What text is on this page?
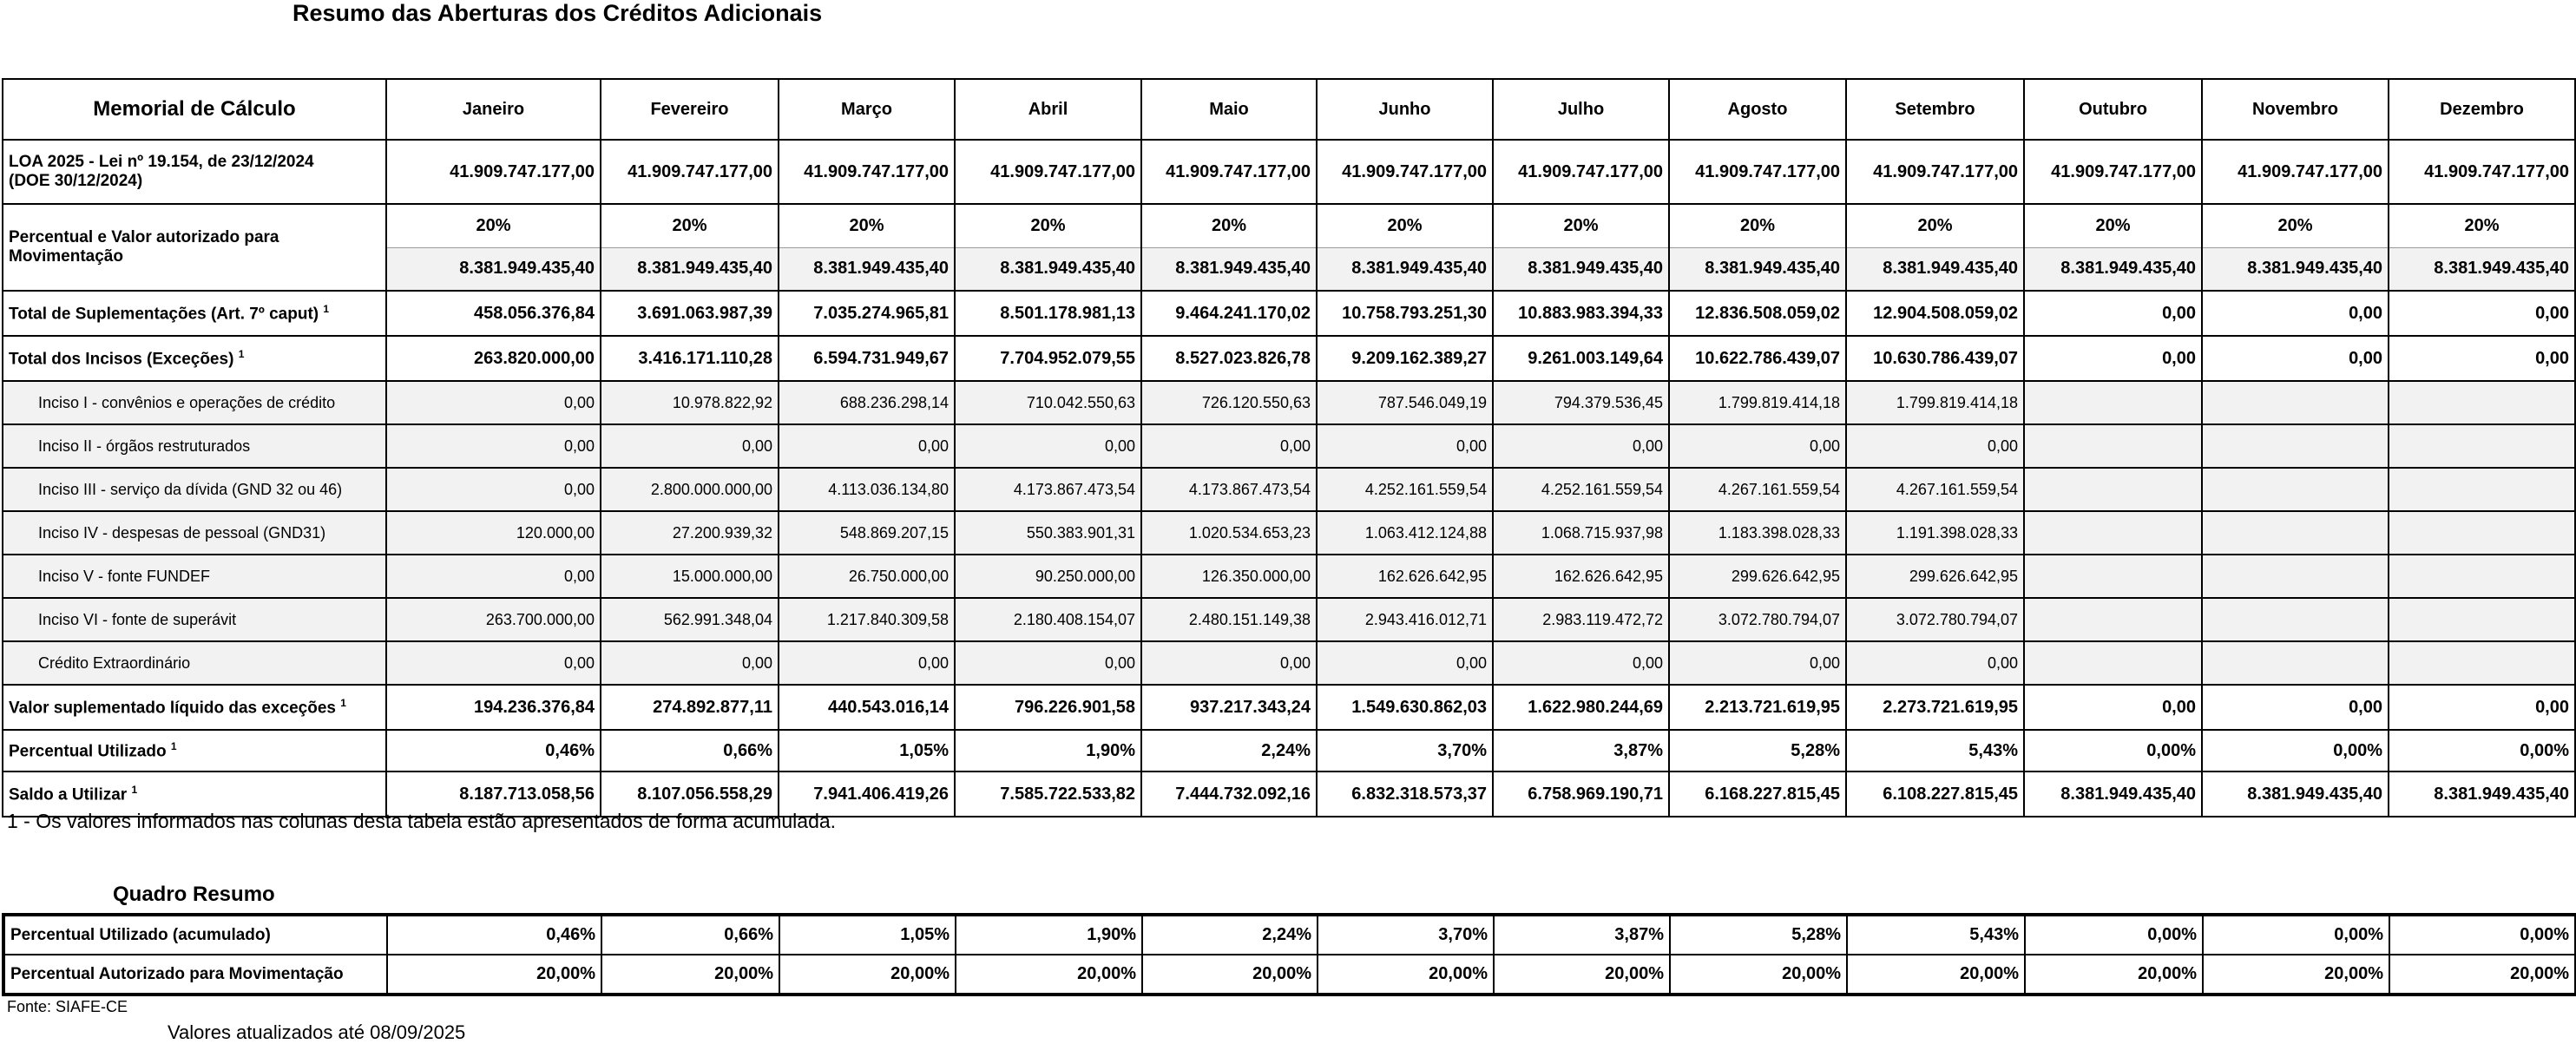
Resumo das Aberturas dos Créditos Adicionais
Memorial de Cálculo	Janeiro	Fevereiro	Março	Abril	Maio	Junho	Julho	Agosto	Setembro	Outubro	Novembro	Dezembro
LOA 2025 - Lei nº 19.154, de 23/12/2024
(DOE 30/12/2024)	41.909.747.177,00	41.909.747.177,00	41.909.747.177,00	41.909.747.177,00	41.909.747.177,00	41.909.747.177,00	41.909.747.177,00	41.909.747.177,00	41.909.747.177,00	41.909.747.177,00	41.909.747.177,00	41.909.747.177,00
Percentual e Valor autorizado para Movimentação	20%	20%	20%	20%	20%	20%	20%	20%	20%	20%	20%	20%
	8.381.949.435,40	8.381.949.435,40	8.381.949.435,40	8.381.949.435,40	8.381.949.435,40	8.381.949.435,40	8.381.949.435,40	8.381.949.435,40	8.381.949.435,40	8.381.949.435,40	8.381.949.435,40	8.381.949.435,40
Total de Suplementações (Art. 7º caput) $^1$	458.056.376,84	3.691.063.987,39	7.035.274.965,81	8.501.178.981,13	9.464.241.170,02	10.758.793.251,30	10.883.983.394,33	12.836.508.059,02	12.904.508.059,02	0,00	0,00	0,00
Total dos Incisos (Exceções) $^1$	263.820.000,00	3.416.171.110,28	6.594.731.949,67	7.704.952.079,55	8.527.023.826,78	9.209.162.389,27	9.261.003.149,64	10.622.786.439,07	10.630.786.439,07	0,00	0,00	0,00
Inciso I - convênios e operações de crédito	0,00	10.978.822,92	688.236.298,14	710.042.550,63	726.120.550,63	787.546.049,19	794.379.536,45	1.799.819.414,18	1.799.819.414,18			
Inciso II - órgãos restruturados	0,00	0,00	0,00	0,00	0,00	0,00	0,00	0,00	0,00			
Inciso III - serviço da dívida (GND 32 ou 46)	0,00	2.800.000.000,00	4.113.036.134,80	4.173.867.473,54	4.173.867.473,54	4.252.161.559,54	4.252.161.559,54	4.267.161.559,54	4.267.161.559,54			
Inciso IV - despesas de pessoal (GND31)	120.000,00	27.200.939,32	548.869.207,15	550.383.901,31	1.020.534.653,23	1.063.412.124,88	1.068.715.937,98	1.183.398.028,33	1.191.398.028,33			
Inciso V - fonte FUNDEF	0,00	15.000.000,00	26.750.000,00	90.250.000,00	126.350.000,00	162.626.642,95	162.626.642,95	299.626.642,95	299.626.642,95			
Inciso VI - fonte de superávit	263.700.000,00	562.991.348,04	1.217.840.309,58	2.180.408.154,07	2.480.151.149,38	2.943.416.012,71	2.983.119.472,72	3.072.780.794,07	3.072.780.794,07			
Crédito Extraordinário	0,00	0,00	0,00	0,00	0,00	0,00	0,00	0,00	0,00			
Valor suplementado líquido das exceções $^1$	194.236.376,84	274.892.877,11	440.543.016,14	796.226.901,58	937.217.343,24	1.549.630.862,03	1.622.980.244,69	2.213.721.619,95	2.273.721.619,95	0,00	0,00	0,00
Percentual Utilizado $^1$	0,46%	0,66%	1,05%	1,90%	2,24%	3,70%	3,87%	5,28%	5,43%	0,00%	0,00%	0,00%
Saldo a Utilizar $^1$	8.187.713.058,56	8.107.056.558,29	7.941.406.419,26	7.585.722.533,82	7.444.732.092,16	6.832.318.573,37	6.758.969.190,71	6.168.227.815,45	6.108.227.815,45	8.381.949.435,40	8.381.949.435,40	8.381.949.435,40
1 - Os valores informados nas colunas desta tabela estão apresentados de forma acumulada.
Quadro Resumo
Percentual Utilizado (acumulado)	0,46%	0,66%	1,05%	1,90%	2,24%	3,70%	3,87%	5,28%	5,43%	0,00%	0,00%	0,00%
Percentual Autorizado para Movimentação	20,00%	20,00%	20,00%	20,00%	20,00%	20,00%	20,00%	20,00%	20,00%	20,00%	20,00%	20,00%
Fonte: SIAFE-CE
Valores atualizados até 08/09/2025
